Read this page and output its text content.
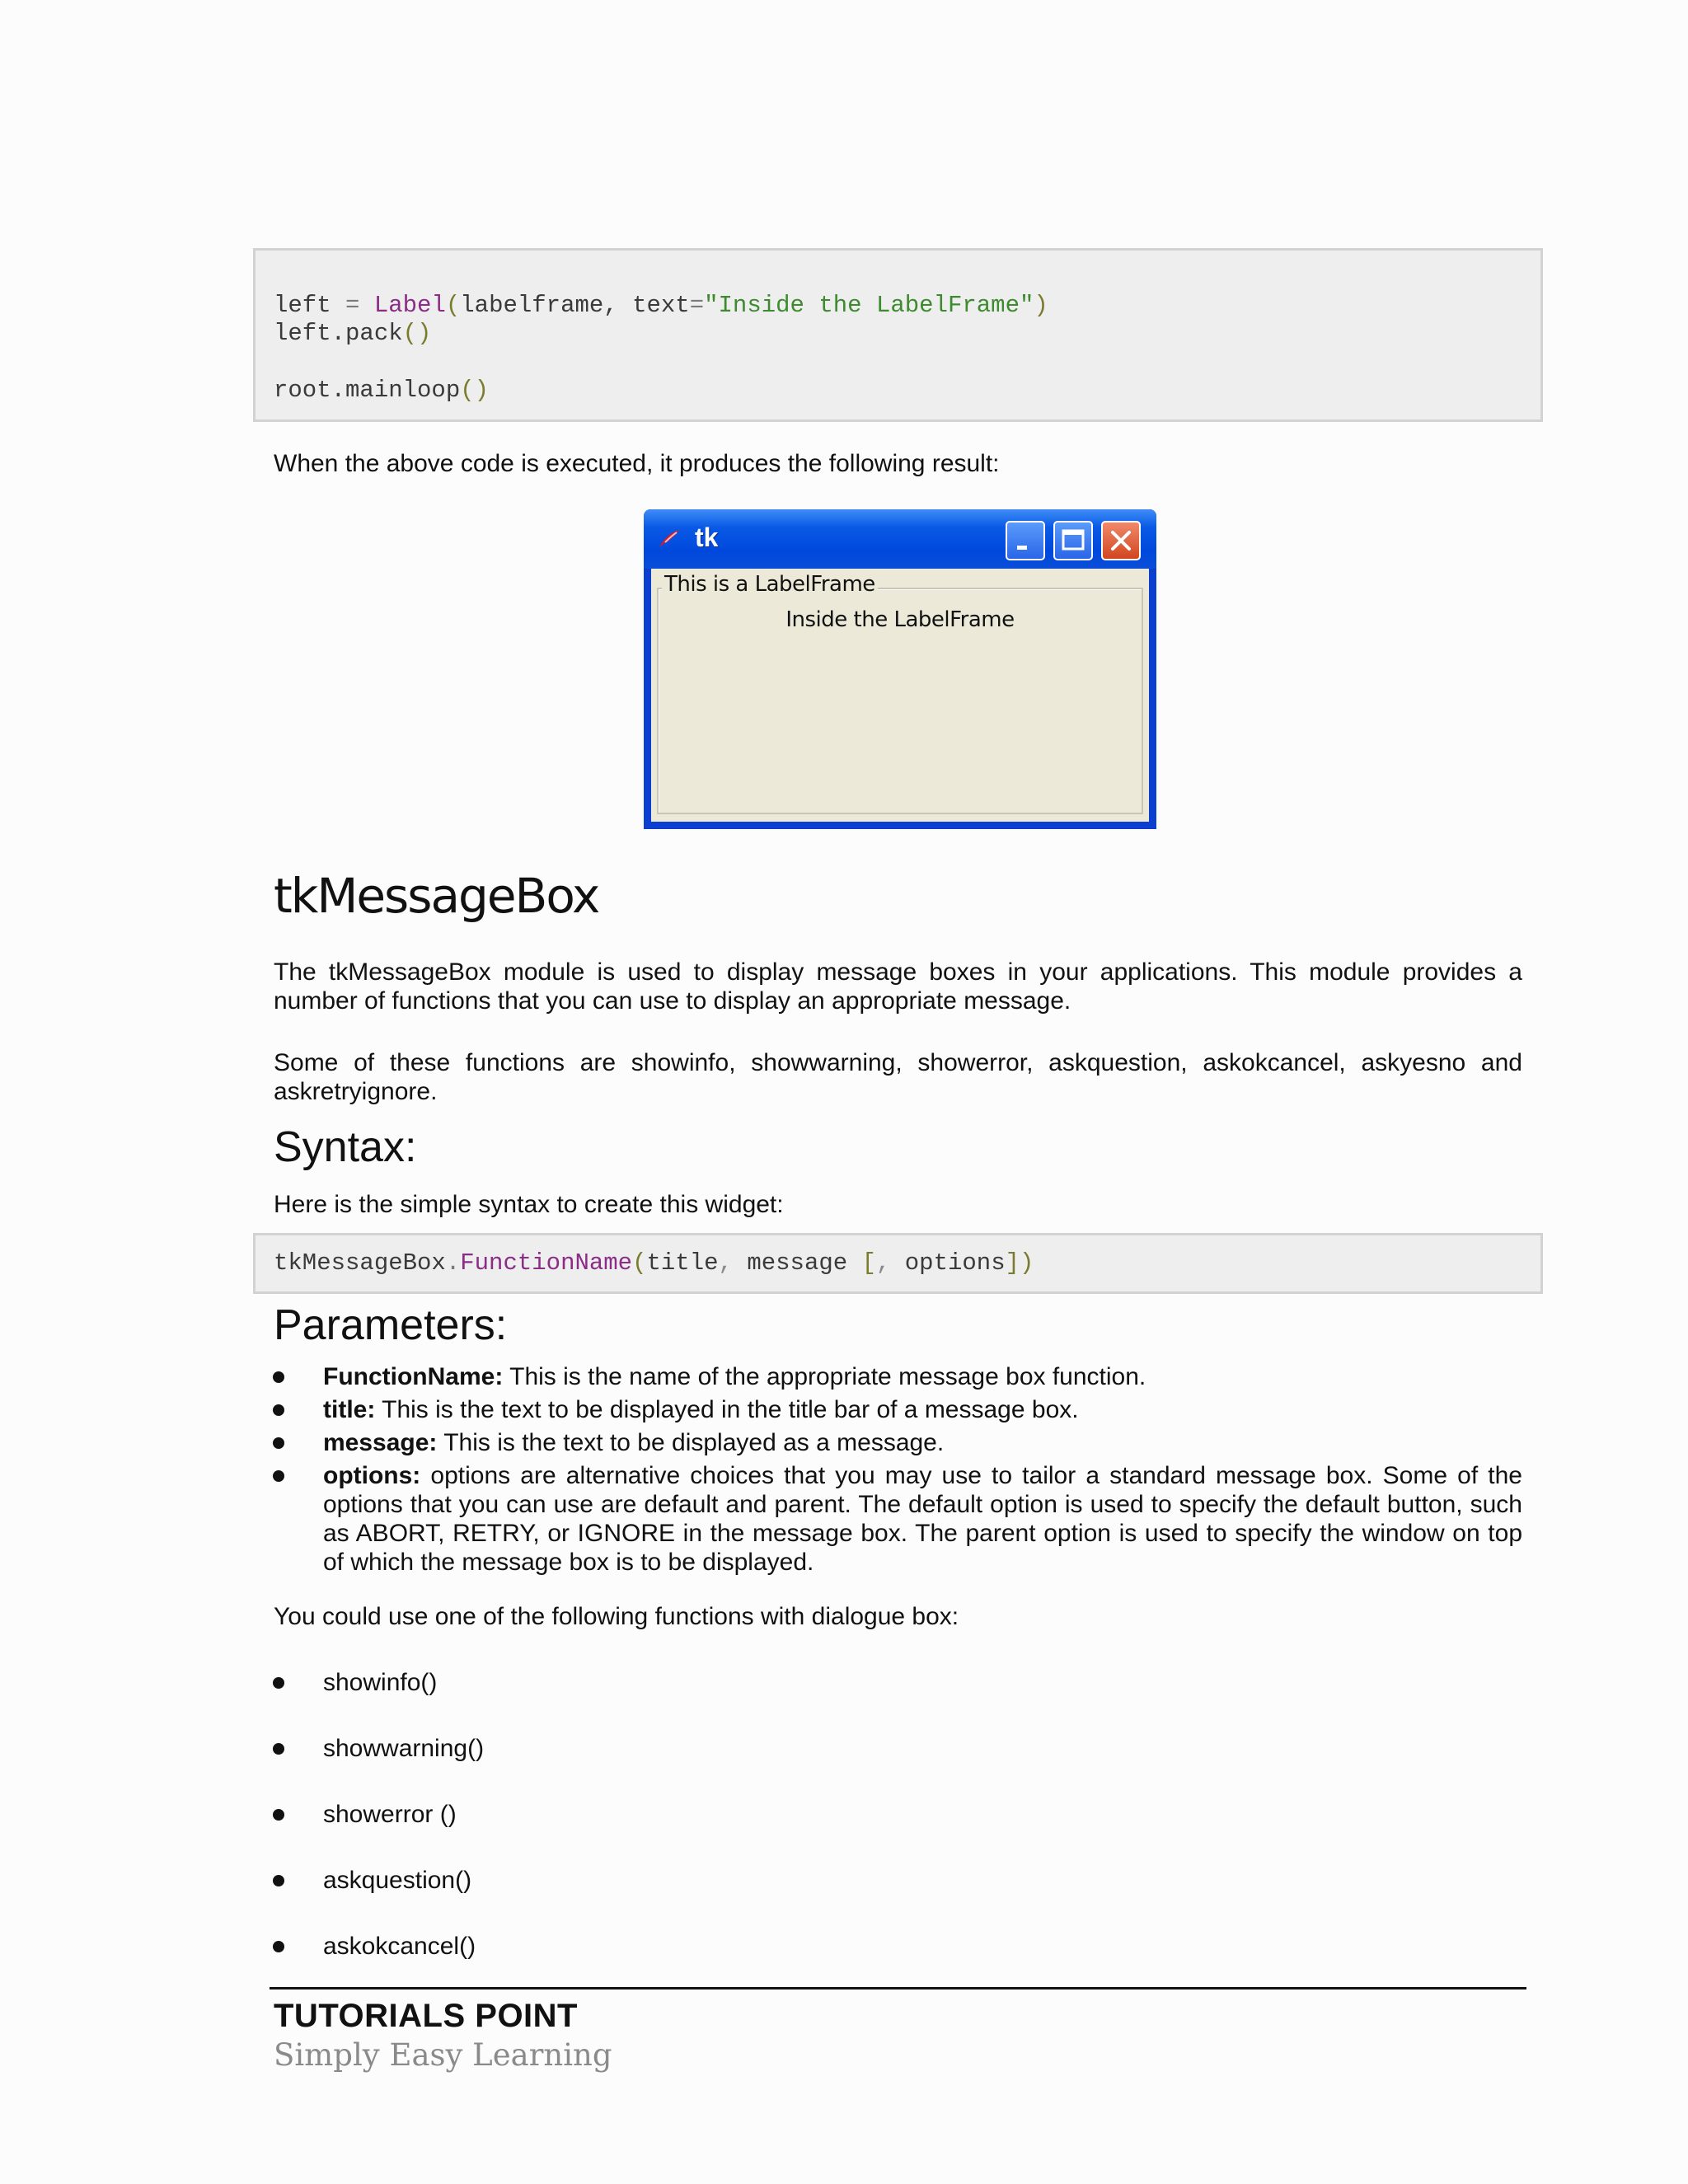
left = Label(labelframe, text="Inside the LabelFrame")
left.pack()
root.mainloop()
When the above code is executed, it produces the following result:
tk
This is a LabelFrame
Inside the LabelFrame
tkMessageBox
The tkMessageBox module is used to display message boxes in your applications. This module provides a number of functions that you can use to display an appropriate message.
Some of these functions are showinfo, showwarning, showerror, askquestion, askokcancel, askyesno and askretryignore.
Syntax:
Here is the simple syntax to create this widget:
tkMessageBox.FunctionName(title, message [, options])
Parameters:
FunctionName: This is the name of the appropriate message box function.
title: This is the text to be displayed in the title bar of a message box.
message: This is the text to be displayed as a message.
options: options are alternative choices that you may use to tailor a standard message box. Some of the options that you can use are default and parent. The default option is used to specify the default button, such as ABORT, RETRY, or IGNORE in the message box. The parent option is used to specify the window on top of which the message box is to be displayed.
You could use one of the following functions with dialogue box:
showinfo()
showwarning()
showerror ()
askquestion()
askokcancel()
TUTORIALS POINT
Simply Easy Learning
